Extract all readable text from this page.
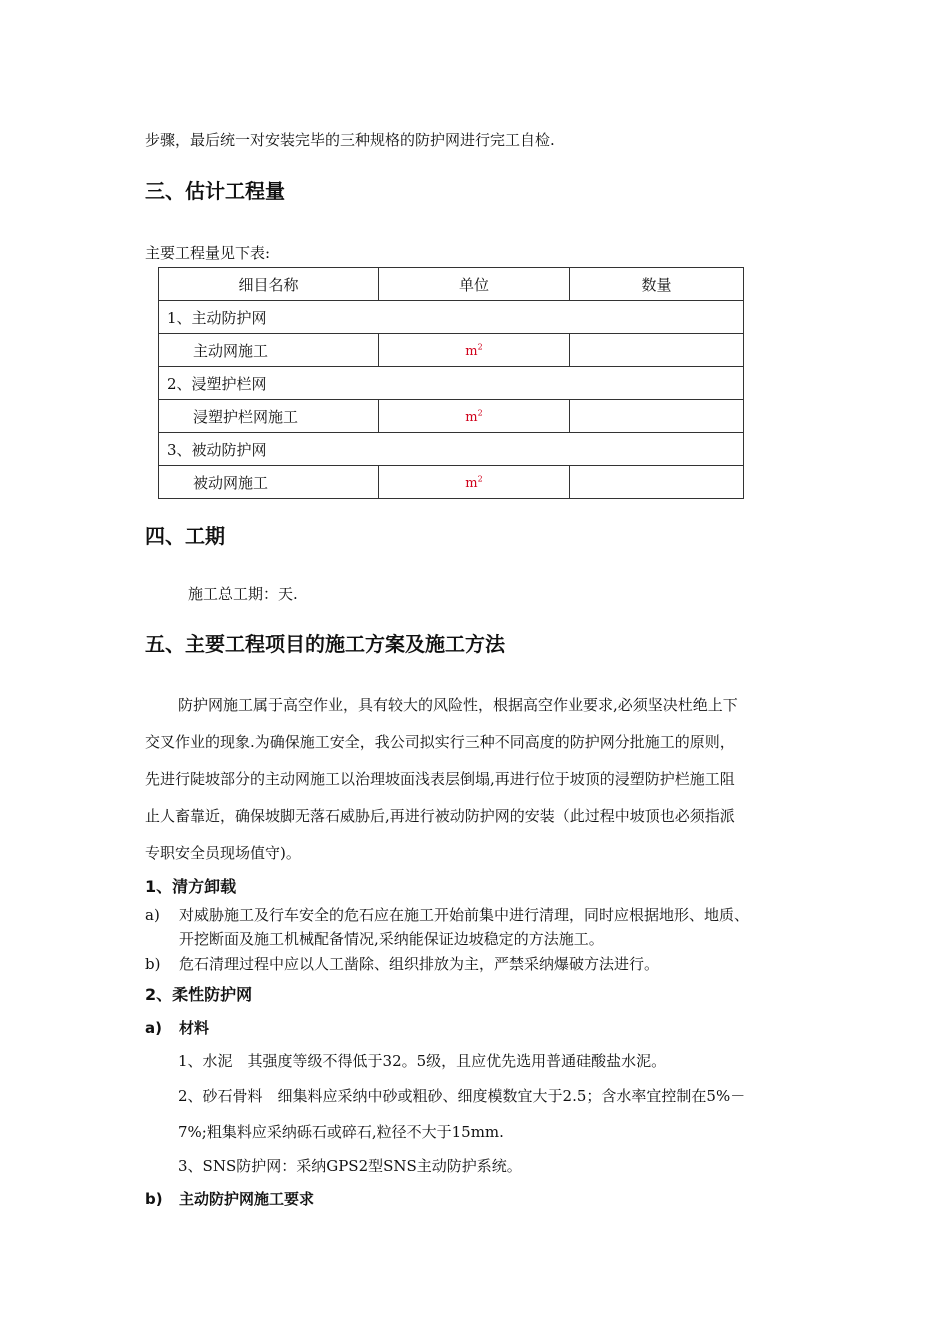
步骤，最后统一对安装完毕的三种规格的防护网进行完工自检.
三、估计工程量
主要工程量见下表:
细目名称	单位	数量
1、主动防护网		
主动网施工	$m^2$	
2、浸塑护栏网		
浸塑护栏网施工	$m^2$	
3、被动防护网		
被动网施工	$m^2$	
四、工期
施工总工期：天.
五、主要工程项目的施工方案及施工方法
防护网施工属于高空作业，具有较大的风险性，根据高空作业要求,必须坚决杜绝上下
交叉作业的现象.为确保施工安全，我公司拟实行三种不同高度的防护网分批施工的原则，
先进行陡坡部分的主动网施工以治理坡面浅表层倒塌,再进行位于坡顶的浸塑防护栏施工阻
止人畜靠近，确保坡脚无落石威胁后,再进行被动防护网的安装（此过程中坡顶也必须指派
专职安全员现场值守)。
1、清方卸载
a) 对威胁施工及行车安全的危石应在施工开始前集中进行清理，同时应根据地形、地质、
开挖断面及施工机械配备情况,采纳能保证边坡稳定的方法施工。
b) 危石清理过程中应以人工凿除、组织排放为主，严禁采纳爆破方法进行。
2、柔性防护网
a) 材料
1、水泥　其强度等级不得低于32。5级，且应优先选用普通硅酸盐水泥。
2、砂石骨料　细集料应采纳中砂或粗砂、细度模数宜大于2.5；含水率宜控制在5%－
7%;粗集料应采纳砾石或碎石,粒径不大于15mm.
3、SNS防护网：采纳GPS2型SNS主动防护系统。
b) 主动防护网施工要求
